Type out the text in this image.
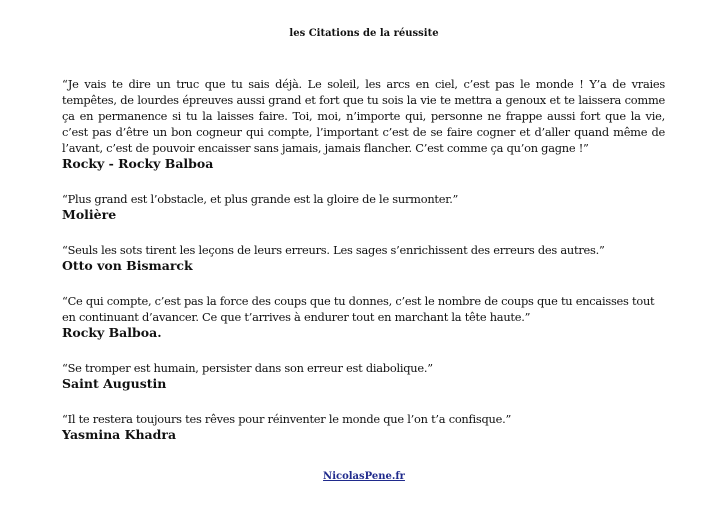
les Citations de la réussite
“Je vais te dire un truc que tu sais déjà. Le soleil, les arcs en ciel, c’est pas le monde ! Y’a de vraies tempêtes, de lourdes épreuves aussi grand et fort que tu sois la vie te mettra a genoux et te laissera comme ça en permanence si tu la laisses faire. Toi, moi, n’importe qui, personne ne frappe aussi fort que la vie, c’est pas d’être un bon cogneur qui compte, l’important c’est de se faire cogner et d’aller quand même de l’avant, c’est de pouvoir encaisser sans jamais, jamais flancher. C’est comme ça qu’on gagne !”
Rocky - Rocky Balboa
“Plus grand est l’obstacle, et plus grande est la gloire de le surmonter.”
Molière
“Seuls les sots tirent les leçons de leurs erreurs. Les sages s’enrichissent des erreurs des autres.”
Otto von Bismarck
“Ce qui compte, c’est pas la force des coups que tu donnes, c’est le nombre de coups que tu encaisses tout en continuant d’avancer. Ce que t’arrives à endurer tout en marchant la tête haute.”
Rocky Balboa.
“Se tromper est humain, persister dans son erreur est diabolique.”
Saint Augustin
“Il te restera toujours tes rêves pour réinventer le monde que l’on t’a confisque.”
Yasmina Khadra
NicolasPene.fr
